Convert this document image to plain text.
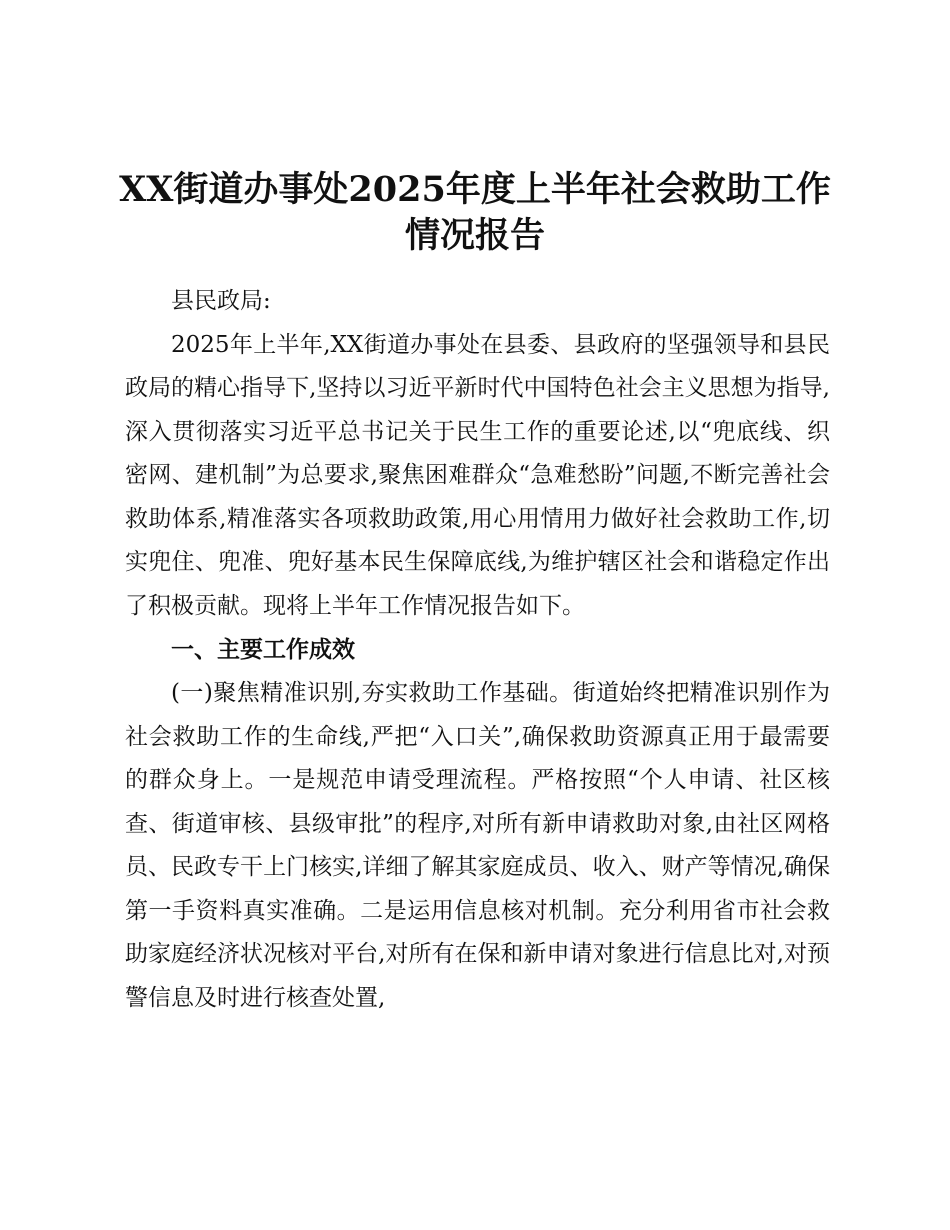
XX街道办事处2025年度上半年社会救助工作
情况报告

县民政局:

2025年上半年,XX街道办事处在县委、县政府的坚强领导和县民政局的精心指导下,坚持以习近平新时代中国特色社会主义思想为指导,深入贯彻落实习近平总书记关于民生工作的重要论述,以“兜底线、织密网、建机制”为总要求,聚焦困难群众“急难愁盼”问题,不断完善社会救助体系,精准落实各项救助政策,用心用情用力做好社会救助工作,切实兜住、兜准、兜好基本民生保障底线,为维护辖区社会和谐稳定作出了积极贡献。现将上半年工作情况报告如下。

一、主要工作成效

(一)聚焦精准识别,夯实救助工作基础。街道始终把精准识别作为社会救助工作的生命线,严把“入口关”,确保救助资源真正用于最需要的群众身上。一是规范申请受理流程。严格按照“个人申请、社区核查、街道审核、县级审批”的程序,对所有新申请救助对象,由社区网格员、民政专干上门核实,详细了解其家庭成员、收入、财产等情况,确保第一手资料真实准确。二是运用信息核对机制。充分利用省市社会救助家庭经济状况核对平台,对所有在保和新申请对象进行信息比对,对预警信息及时进行核查处置,
